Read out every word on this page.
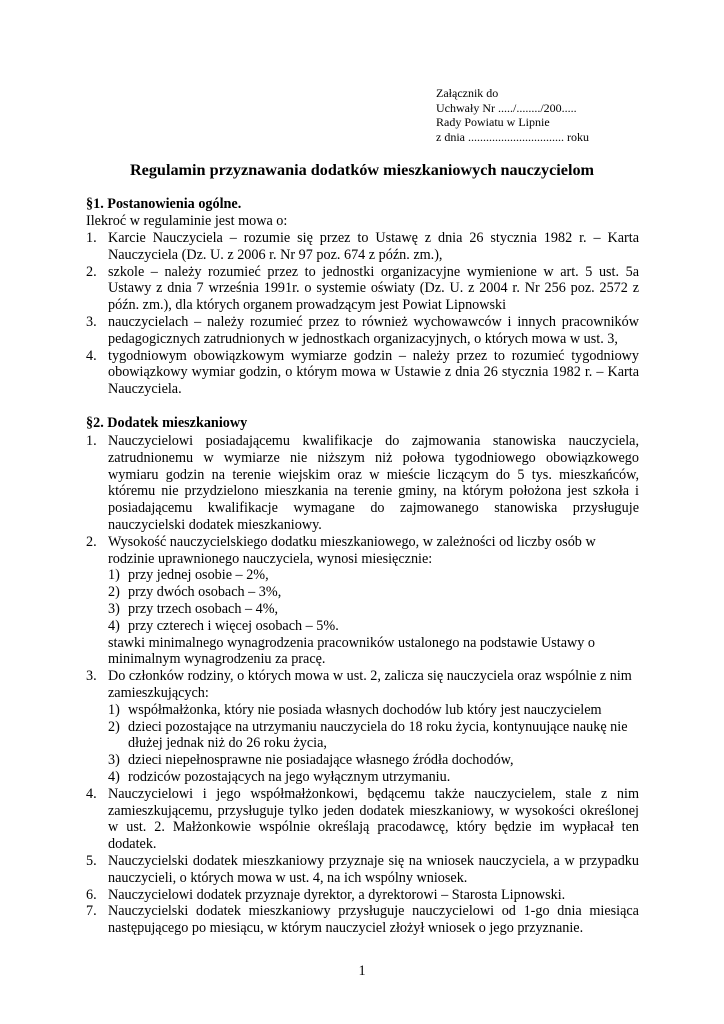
Załącznik do
Uchwały Nr ...../......../200.....
Rady Powiatu w Lipnie
z dnia ................................ roku
Regulamin przyznawania dodatków mieszkaniowych nauczycielom
§1. Postanowienia ogólne.
Ilekroć w regulaminie jest mowa o:
1. Karcie Nauczyciela – rozumie się przez to Ustawę z dnia 26 stycznia 1982 r. – Karta Nauczyciela (Dz. U. z 2006 r. Nr 97 poz. 674 z późn. zm.),
2. szkole – należy rozumieć przez to jednostki organizacyjne wymienione w art. 5 ust. 5a Ustawy z dnia 7 września 1991r. o systemie oświaty (Dz. U. z 2004 r. Nr 256 poz. 2572 z późn. zm.), dla których organem prowadzącym jest Powiat Lipnowski
3. nauczycielach – należy rozumieć przez to również wychowawców i innych pracowników pedagogicznych zatrudnionych w jednostkach organizacyjnych, o których mowa w ust. 3,
4. tygodniowym obowiązkowym wymiarze godzin – należy przez to rozumieć tygodniowy obowiązkowy wymiar godzin, o którym mowa w Ustawie z dnia 26 stycznia 1982 r. – Karta Nauczyciela.
§2. Dodatek mieszkaniowy
1. Nauczycielowi posiadającemu kwalifikacje do zajmowania stanowiska nauczyciela, zatrudnionemu w wymiarze nie niższym niż połowa tygodniowego obowiązkowego wymiaru godzin na terenie wiejskim oraz w mieście liczącym do 5 tys. mieszkańców, któremu nie przydzielono mieszkania na terenie gminy, na którym położona jest szkoła i posiadającemu kwalifikacje wymagane do zajmowanego stanowiska przysługuje nauczycielski dodatek mieszkaniowy.
2. Wysokość nauczycielskiego dodatku mieszkaniowego, w zależności od liczby osób w rodzinie uprawnionego nauczyciela, wynosi miesięcznie:
1) przy jednej osobie – 2%,
2) przy dwóch osobach – 3%,
3) przy trzech osobach – 4%,
4) przy czterech i więcej osobach – 5%.
stawki minimalnego wynagrodzenia pracowników ustalonego na podstawie Ustawy o minimalnym wynagrodzeniu za pracę.
3. Do członków rodziny, o których mowa w ust. 2, zalicza się nauczyciela oraz wspólnie z nim zamieszkujących:
1) współmałżonka, który nie posiada własnych dochodów lub który jest nauczycielem
2) dzieci pozostające na utrzymaniu nauczyciela do 18 roku życia, kontynuujące naukę nie dłużej jednak niż do 26 roku życia,
3) dzieci niepełnosprawne nie posiadające własnego źródła dochodów,
4) rodziców pozostających na jego wyłącznym utrzymaniu.
4. Nauczycielowi i jego współmałżonkowi, będącemu także nauczycielem, stale z nim zamieszkującemu, przysługuje tylko jeden dodatek mieszkaniowy, w wysokości określonej w ust. 2. Małżonkowie wspólnie określają pracodawcę, który będzie im wypłacał ten dodatek.
5. Nauczycielski dodatek mieszkaniowy przyznaje się na wniosek nauczyciela, a w przypadku nauczycieli, o których mowa w ust. 4, na ich wspólny wniosek.
6. Nauczycielowi dodatek przyznaje dyrektor, a dyrektorowi – Starosta Lipnowski.
7. Nauczycielski dodatek mieszkaniowy przysługuje nauczycielowi od 1-go dnia miesiąca następującego po miesiącu, w którym nauczyciel złożył wniosek o jego przyznanie.
1
